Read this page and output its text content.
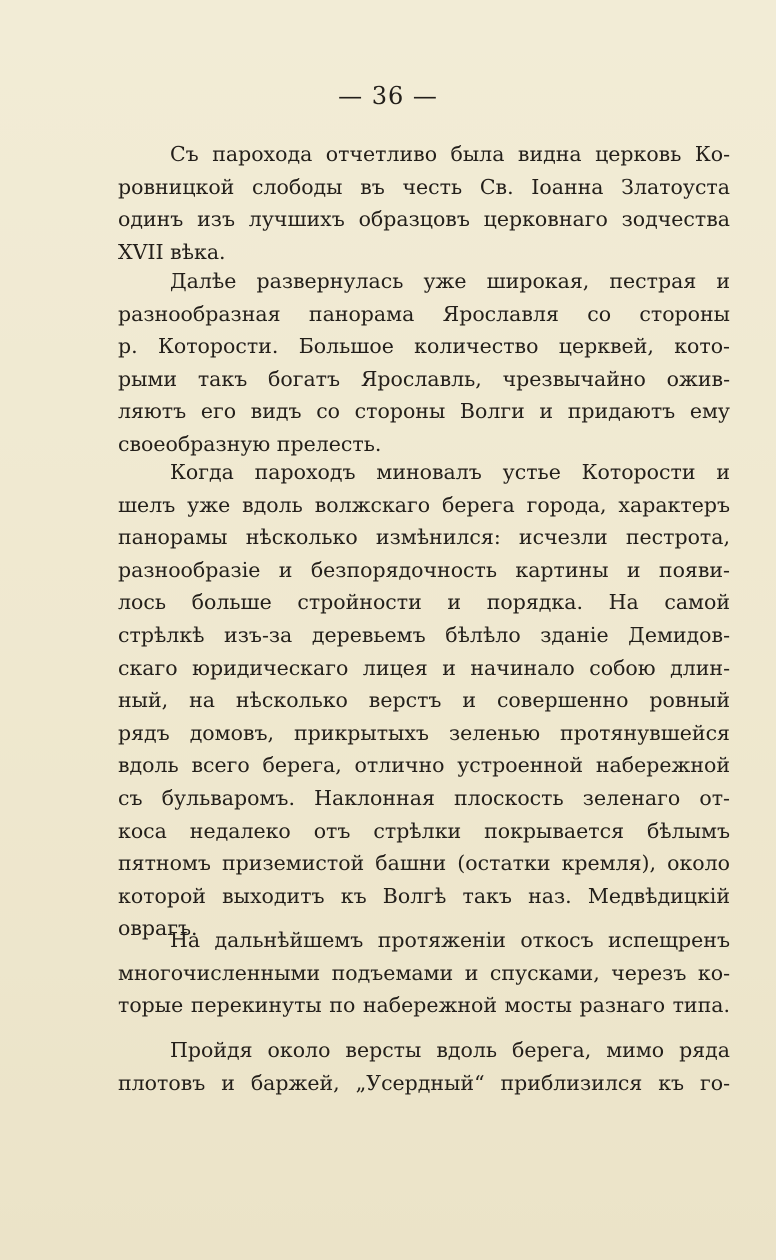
— 36 —
Съ парохода отчетливо была видна церковь Ко-
ровницкой слободы въ честь Св. Іоанна Златоуста
одинъ изъ лучшихъ образцовъ церковнаго зодчества
XVII вѣка.
Далѣе развернулась уже широкая, пестрая и
разнообразная панорама Ярославля со стороны
р. Которости. Большое количество церквей, кото-
рыми такъ богатъ Ярославль, чрезвычайно ожив-
ляютъ его видъ со стороны Волги и придаютъ ему
своеобразную прелесть.
Когда пароходъ миновалъ устье Которости и
шелъ уже вдоль волжскаго берега города, характеръ
панорамы нѣсколько измѣнился: исчезли пестрота,
разнообразіе и безпорядочность картины и появи-
лось больше стройности и порядка. На самой
стрѣлкѣ изъ-за деревьемъ бѣлѣло зданіе Демидов-
скаго юридическаго лицея и начинало собою длин-
ный, на нѣсколько верстъ и совершенно ровный
рядъ домовъ, прикрытыхъ зеленью протянувшейся
вдоль всего берега, отлично устроенной набережной
съ бульваромъ. Наклонная плоскость зеленаго от-
коса недалеко отъ стрѣлки покрывается бѣлымъ
пятномъ приземистой башни (остатки кремля), около
которой выходитъ къ Волгѣ такъ наз. Медвѣдицкій
оврагъ.
На дальнѣйшемъ протяженіи откосъ испещренъ
многочисленными подъемами и спусками, черезъ ко-
торые перекинуты по набережной мосты разнаго типа.
Пройдя около версты вдоль берега, мимо ряда
плотовъ и баржей, „Усердный“ приблизился къ го-
